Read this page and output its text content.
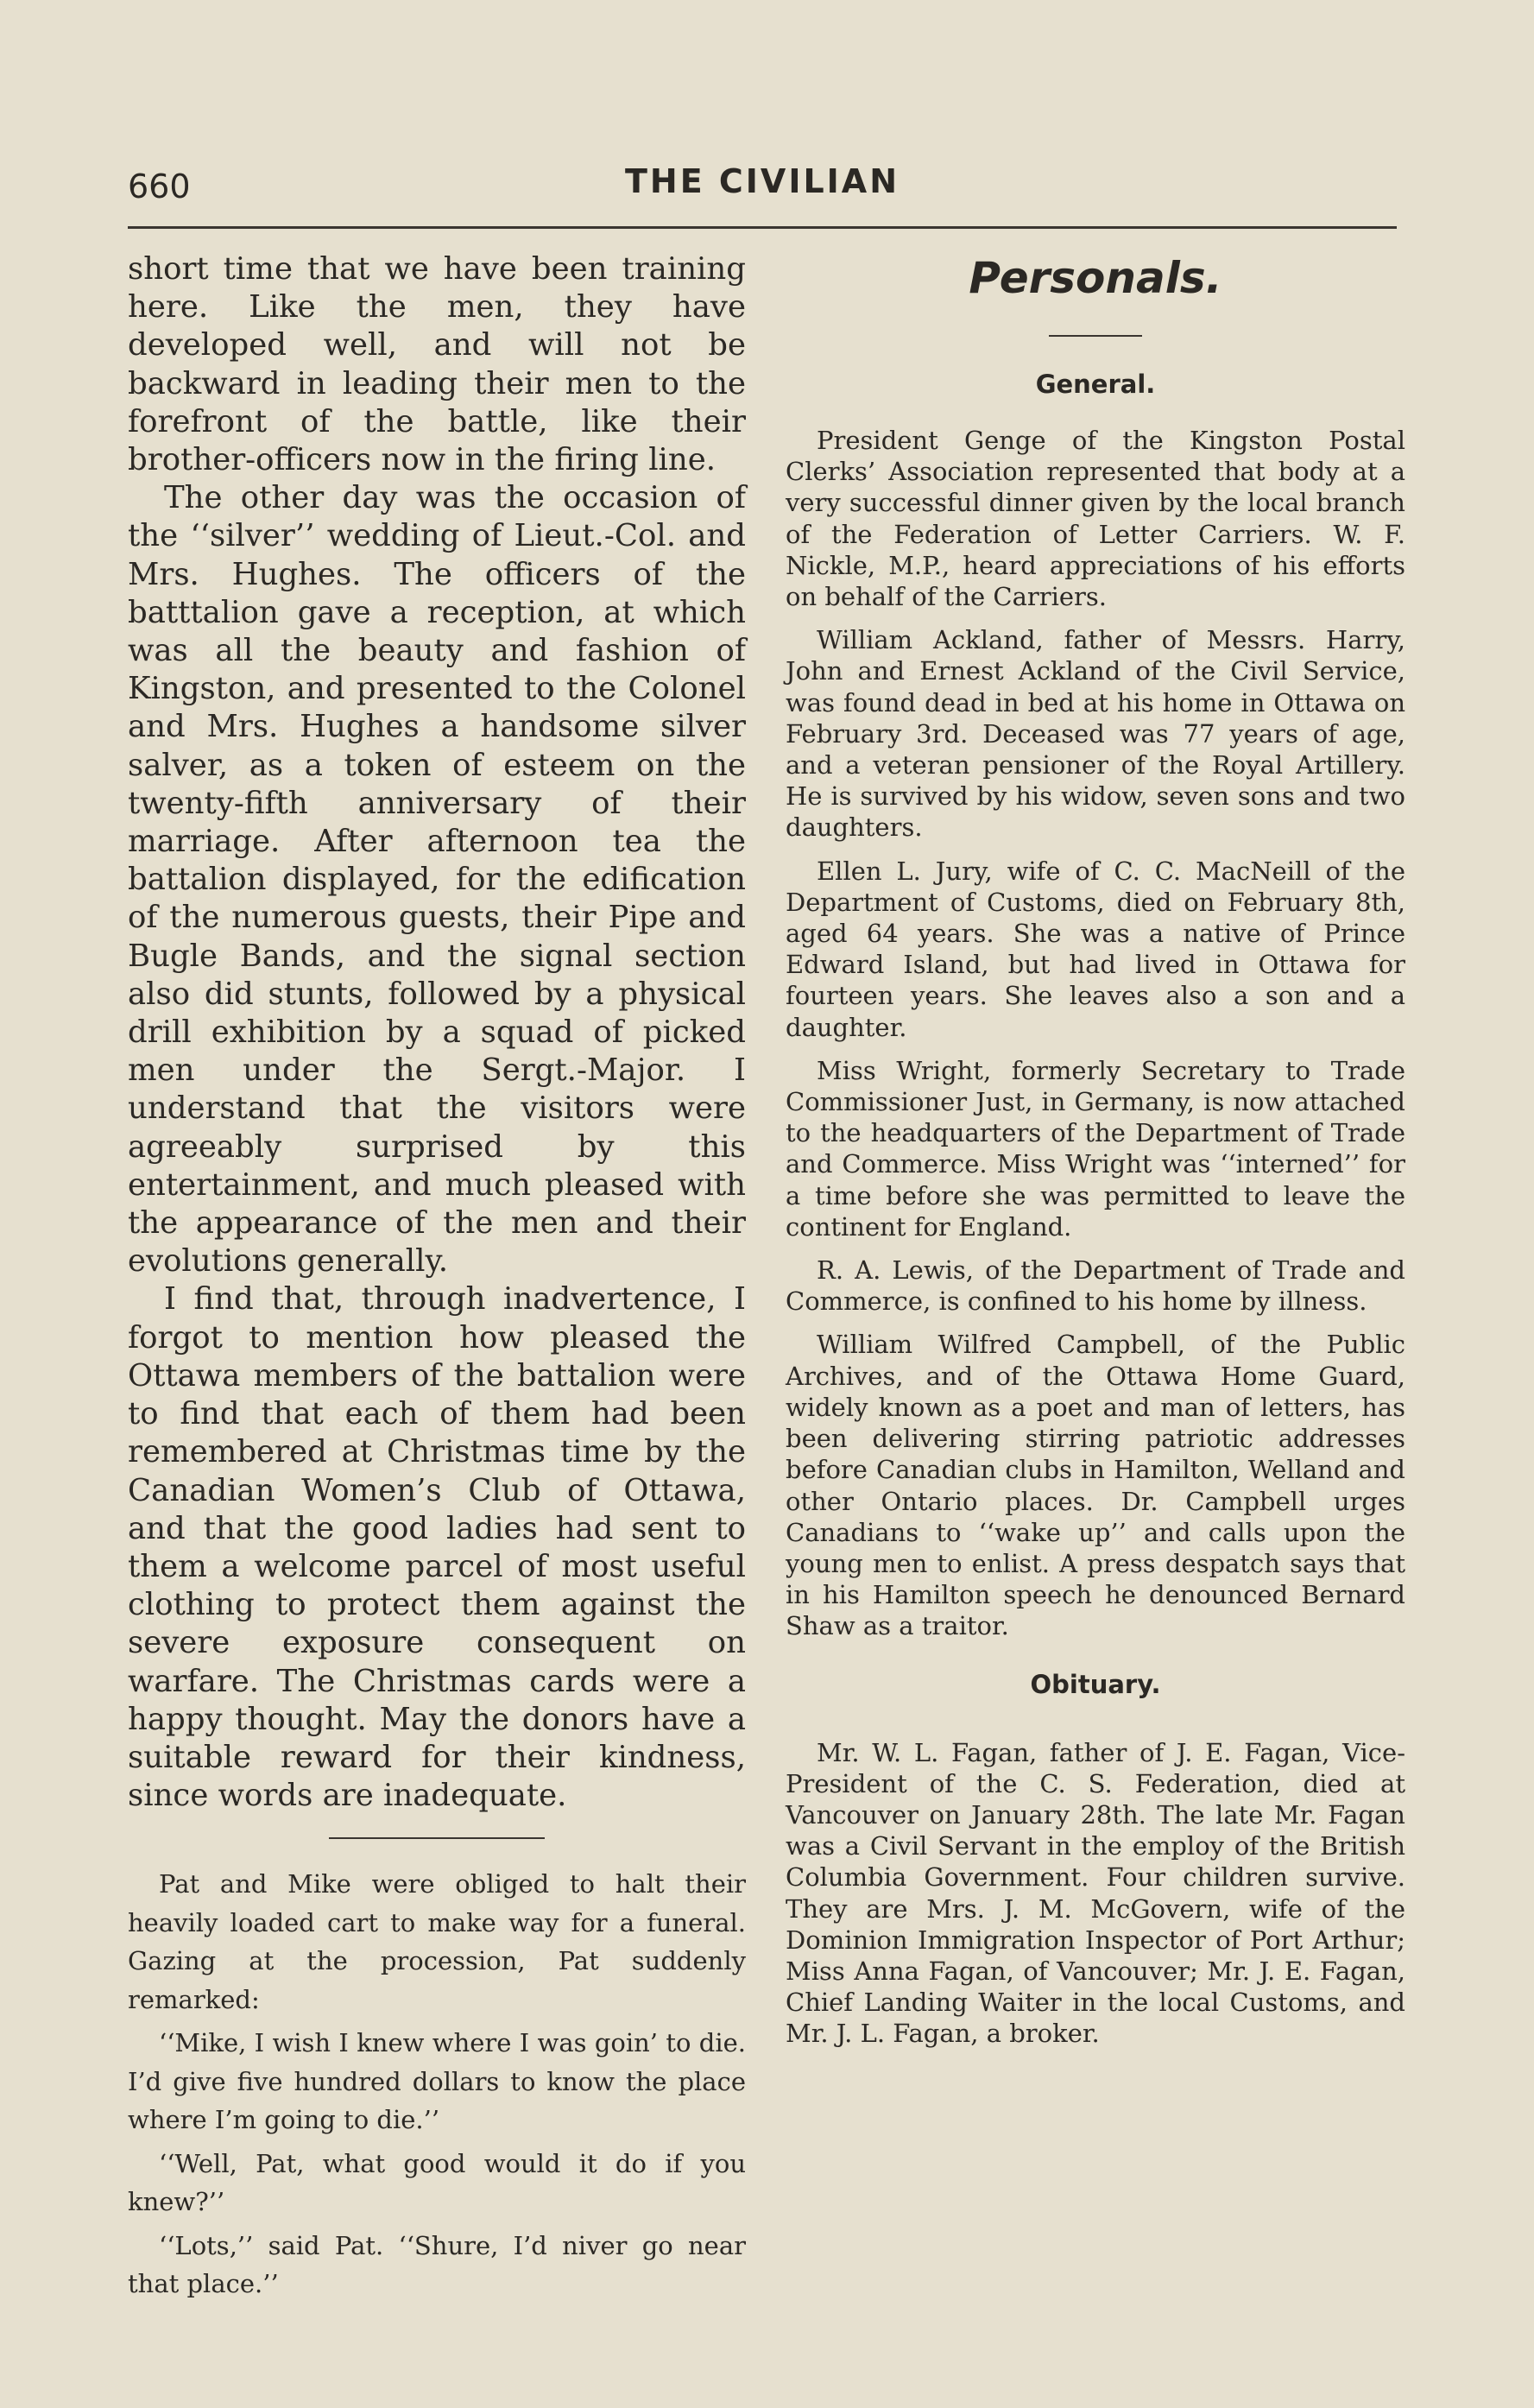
660	THE CIVILIAN

short time that we have been training here. Like the men, they have developed well, and will not be backward in leading their men to the forefront of the battle, like their brother-officers now in the firing line.

The other day was the occasion of the ‘‘silver’’ wedding of Lieut.-Col. and Mrs. Hughes. The officers of the batttalion gave a reception, at which was all the beauty and fashion of Kingston, and presented to the Colonel and Mrs. Hughes a handsome silver salver, as a token of esteem on the twenty-fifth anniversary of their marriage. After afternoon tea the battalion displayed, for the edification of the numerous guests, their Pipe and Bugle Bands, and the signal section also did stunts, followed by a physical drill exhibition by a squad of picked men under the Sergt.-Major. I understand that the visitors were agreeably surprised by this entertainment, and much pleased with the appearance of the men and their evolutions generally.

I find that, through inadvertence, I forgot to mention how pleased the Ottawa members of the battalion were to find that each of them had been remembered at Christmas time by the Canadian Women’s Club of Ottawa, and that the good ladies had sent to them a welcome parcel of most useful clothing to protect them against the severe exposure consequent on warfare. The Christmas cards were a happy thought. May the donors have a suitable reward for their kindness, since words are inadequate.

Pat and Mike were obliged to halt their heavily loaded cart to make way for a funeral. Gazing at the procession, Pat suddenly remarked:

‘‘Mike, I wish I knew where I was goin’ to die. I’d give five hundred dollars to know the place where I’m going to die.’’

‘‘Well, Pat, what good would it do if you knew?’’

‘‘Lots,’’ said Pat. ‘‘Shure, I’d niver go near that place.’’

Personals.
General.

President Genge of the Kingston Postal Clerks’ Association represented that body at a very successful dinner given by the local branch of the Federation of Letter Carriers. W. F. Nickle, M.P., heard appreciations of his efforts on behalf of the Carriers.

William Ackland, father of Messrs. Harry, John and Ernest Ackland of the Civil Service, was found dead in bed at his home in Ottawa on February 3rd. Deceased was 77 years of age, and a veteran pensioner of the Royal Artillery. He is survived by his widow, seven sons and two daughters.

Ellen L. Jury, wife of C. C. MacNeill of the Department of Customs, died on February 8th, aged 64 years. She was a native of Prince Edward Island, but had lived in Ottawa for fourteen years. She leaves also a son and a daughter.

Miss Wright, formerly Secretary to Trade Commissioner Just, in Germany, is now attached to the headquarters of the Department of Trade and Commerce. Miss Wright was ‘‘interned’’ for a time before she was permitted to leave the continent for England.

R. A. Lewis, of the Department of Trade and Commerce, is confined to his home by illness.

William Wilfred Campbell, of the Public Archives, and of the Ottawa Home Guard, widely known as a poet and man of letters, has been delivering stirring patriotic addresses before Canadian clubs in Hamilton, Welland and other Ontario places. Dr. Campbell urges Canadians to ‘‘wake up’’ and calls upon the young men to enlist. A press despatch says that in his Hamilton speech he denounced Bernard Shaw as a traitor.

Obituary.

Mr. W. L. Fagan, father of J. E. Fagan, Vice-President of the C. S. Federation, died at Vancouver on January 28th. The late Mr. Fagan was a Civil Servant in the employ of the British Columbia Government. Four children survive. They are Mrs. J. M. McGovern, wife of the Dominion Immigration Inspector of Port Arthur; Miss Anna Fagan, of Vancouver; Mr. J. E. Fagan, Chief Landing Waiter in the local Customs, and Mr. J. L. Fagan, a broker.
